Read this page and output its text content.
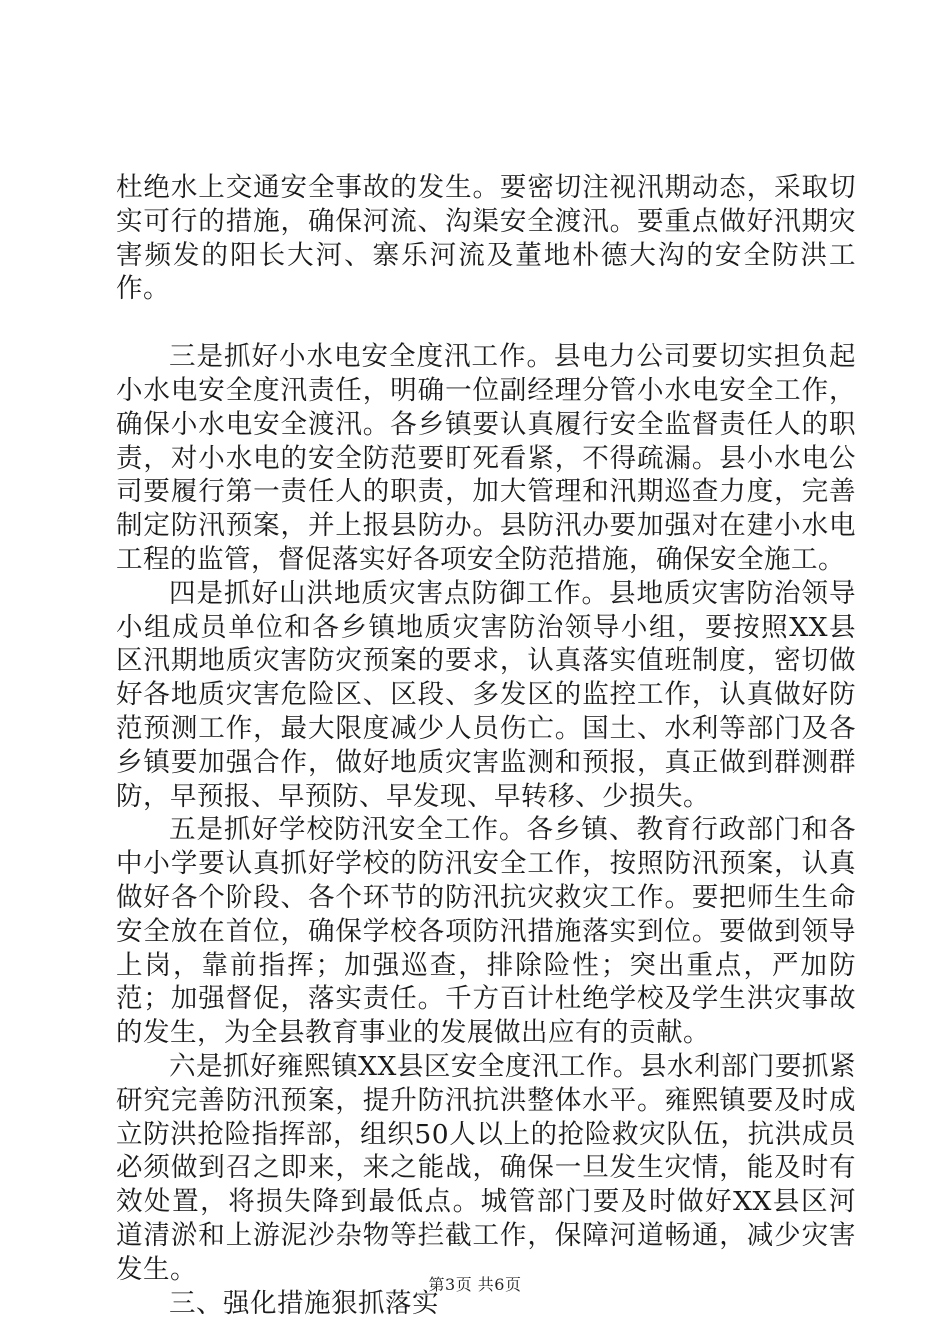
杜绝水上交通安全事故的发生。要密切注视汛期动态，采取切实可行的措施，确保河流、沟渠安全渡汛。要重点做好汛期灾害频发的阳长大河、寨乐河流及董地朴德大沟的安全防洪工作。

三是抓好小水电安全度汛工作。县电力公司要切实担负起小水电安全度汛责任，明确一位副经理分管小水电安全工作，确保小水电安全渡汛。各乡镇要认真履行安全监督责任人的职责，对小水电的安全防范要盯死看紧，不得疏漏。县小水电公司要履行第一责任人的职责，加大管理和汛期巡查力度，完善制定防汛预案，并上报县防办。县防汛办要加强对在建小水电工程的监管，督促落实好各项安全防范措施，确保安全施工。

四是抓好山洪地质灾害点防御工作。县地质灾害防治领导小组成员单位和各乡镇地质灾害防治领导小组，要按照XX县区汛期地质灾害防灾预案的要求，认真落实值班制度，密切做好各地质灾害危险区、区段、多发区的监控工作，认真做好防范预测工作，最大限度减少人员伤亡。国土、水利等部门及各乡镇要加强合作，做好地质灾害监测和预报，真正做到群测群防，早预报、早预防、早发现、早转移、少损失。

五是抓好学校防汛安全工作。各乡镇、教育行政部门和各中小学要认真抓好学校的防汛安全工作，按照防汛预案，认真做好各个阶段、各个环节的防汛抗灾救灾工作。要把师生生命安全放在首位，确保学校各项防汛措施落实到位。要做到领导上岗，靠前指挥；加强巡查，排除险性；突出重点，严加防范；加强督促，落实责任。千方百计杜绝学校及学生洪灾事故的发生，为全县教育事业的发展做出应有的贡献。

六是抓好雍熙镇XX县区安全度汛工作。县水利部门要抓紧研究完善防汛预案，提升防汛抗洪整体水平。雍熙镇要及时成立防洪抢险指挥部，组织50人以上的抢险救灾队伍，抗洪成员必须做到召之即来，来之能战，确保一旦发生灾情，能及时有效处置，将损失降到最低点。城管部门要及时做好XX县区河道清淤和上游泥沙杂物等拦截工作，保障河道畅通，减少灾害发生。

三、强化措施狠抓落实

第3页 共6页
